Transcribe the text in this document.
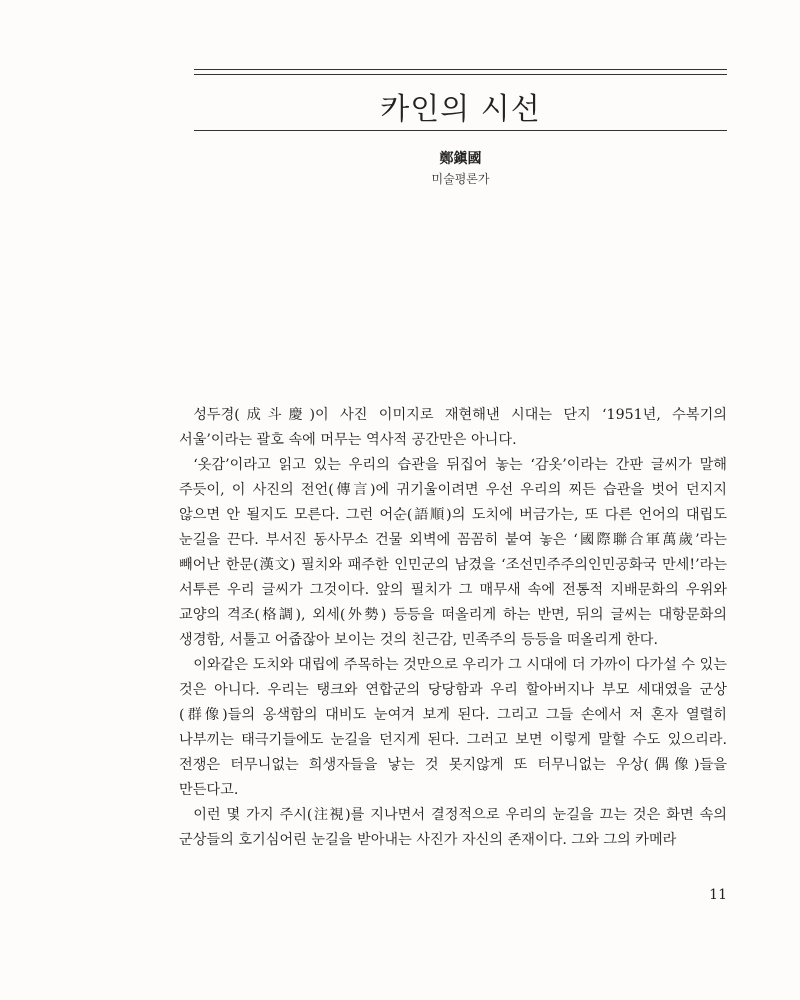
카인의 시선
鄭鎭國
미술평론가

성두경(成斗慶)이 사진 이미지로 재현해낸 시대는 단지 ‘1951년, 수복기의 서울’이라는 괄호 속에 머무는 역사적 공간만은 아니다.

‘옷감’이라고 읽고 있는 우리의 습관을 뒤집어 놓는 ‘감옷’이라는 간판 글씨가 말해 주듯이, 이 사진의 전언(傳言)에 귀기울이려면 우선 우리의 찌든 습관을 벗어 던지지 않으면 안 될지도 모른다. 그런 어순(語順)의 도치에 버금가는, 또 다른 언어의 대립도 눈길을 끈다. 부서진 동사무소 건물 외벽에 꼼꼼히 붙여 놓은 ‘國際聯合軍萬歲’라는 빼어난 한문(漢文) 필치와 패주한 인민군의 남겼을 ‘조선민주주의인민공화국 만세!’라는 서투른 우리 글씨가 그것이다. 앞의 필치가 그 매무새 속에 전통적 지배문화의 우위와 교양의 격조(格調), 외세(外勢) 등등을 떠올리게 하는 반면, 뒤의 글씨는 대항문화의 생경함, 서툴고 어줍잖아 보이는 것의 친근감, 민족주의 등등을 떠올리게 한다.

이와같은 도치와 대립에 주목하는 것만으로 우리가 그 시대에 더 가까이 다가설 수 있는 것은 아니다. 우리는 탱크와 연합군의 당당함과 우리 할아버지나 부모 세대였을 군상(群像)들의 옹색함의 대비도 눈여겨 보게 된다. 그리고 그들 손에서 저 혼자 열렬히 나부끼는 태극기들에도 눈길을 던지게 된다. 그러고 보면 이렇게 말할 수도 있으리라. 전쟁은 터무니없는 희생자들을 낳는 것 못지않게 또 터무니없는 우상(偶像)들을 만든다고.

이런 몇 가지 주시(注視)를 지나면서 결정적으로 우리의 눈길을 끄는 것은 화면 속의 군상들의 호기심어린 눈길을 받아내는 사진가 자신의 존재이다. 그와 그의 카메라

11
